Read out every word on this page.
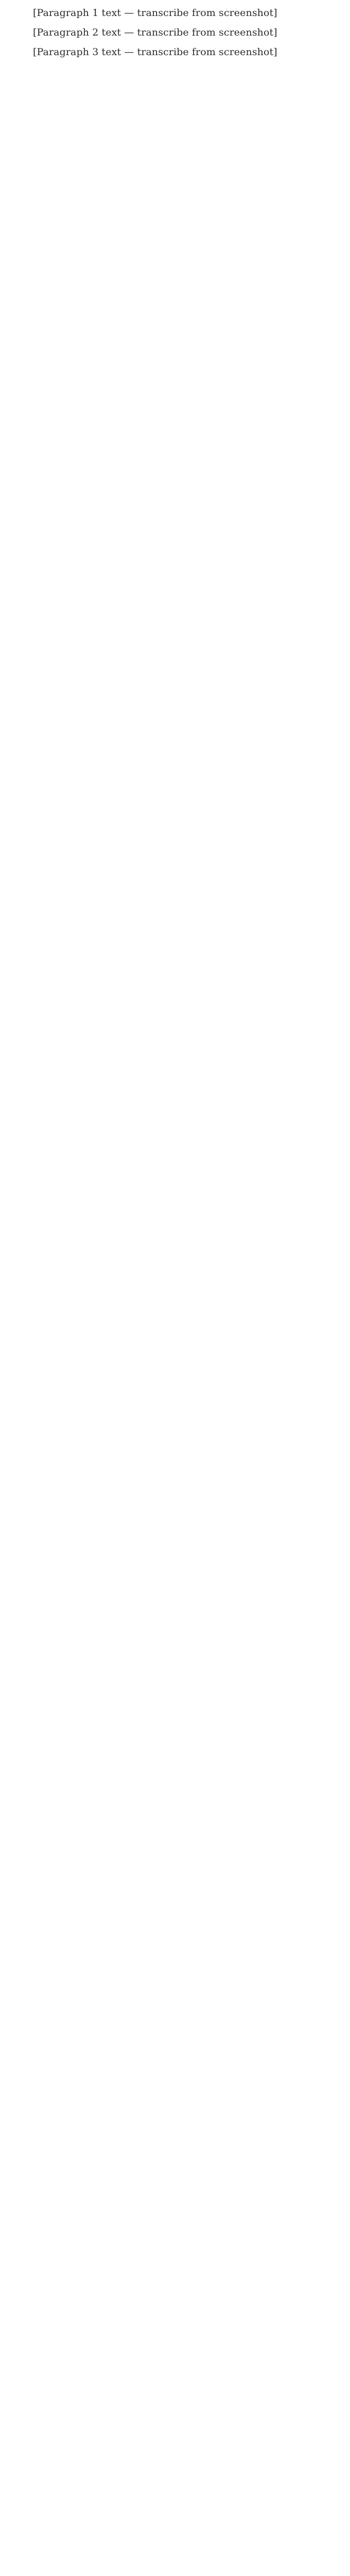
[Paragraph 1 text — transcribe from screenshot]

[Paragraph 2 text — transcribe from screenshot]

[Paragraph 3 text — transcribe from screenshot]
